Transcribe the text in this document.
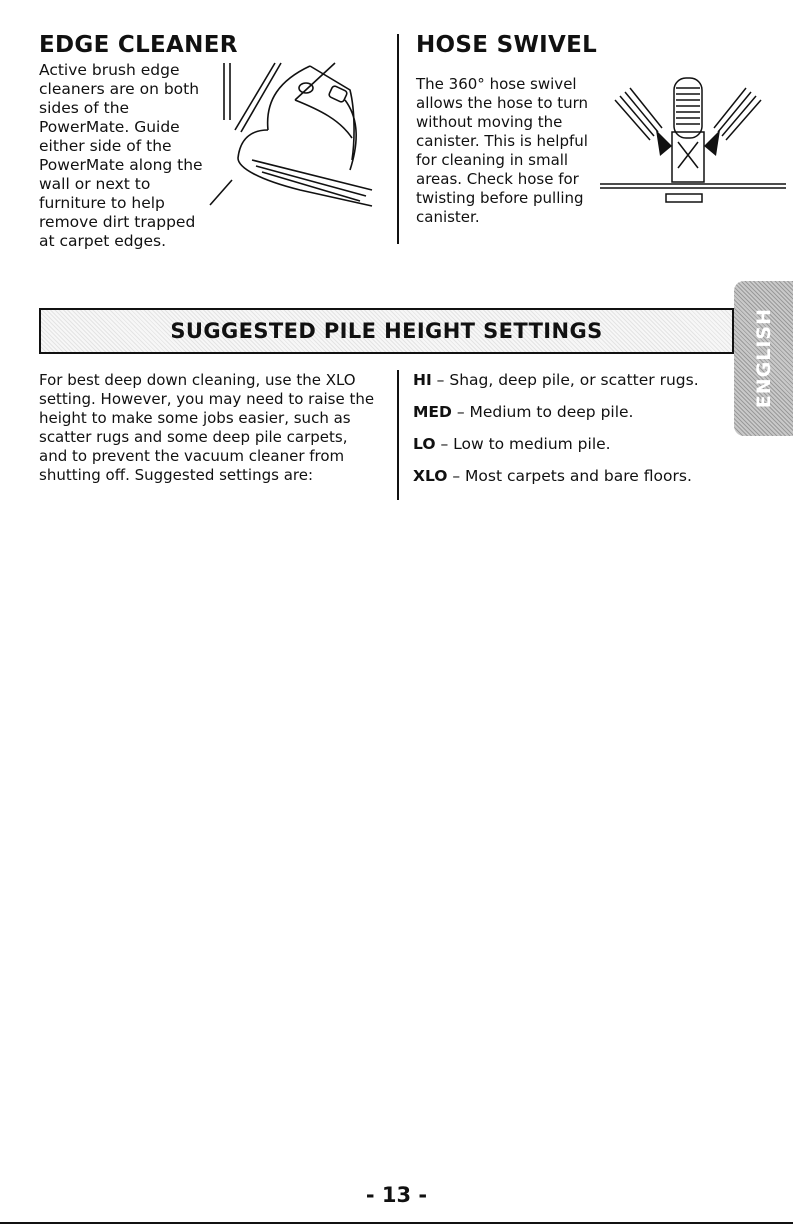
EDGE CLEANER
Active brush edge
cleaners are on both
sides of the
PowerMate. Guide
either side of the
PowerMate along the
wall or next to
furniture to help
remove dirt trapped
at carpet edges.
HOSE SWIVEL
The 360° hose swivel
allows the hose to turn
without moving the
canister. This is helpful
for cleaning in small
areas. Check hose for
twisting before pulling
canister.
SUGGESTED PILE HEIGHT SETTINGS	ENGLISH
For best deep down cleaning, use the XLO
setting. However, you may need to raise the
height to make some jobs easier, such as
scatter rugs and some deep pile carpets,
and to prevent the vacuum cleaner from
shutting off. Suggested settings are:
HI – Shag, deep pile, or scatter rugs.
MED – Medium to deep pile.
LO – Low to medium pile.
XLO – Most carpets and bare floors.
- 13 -
